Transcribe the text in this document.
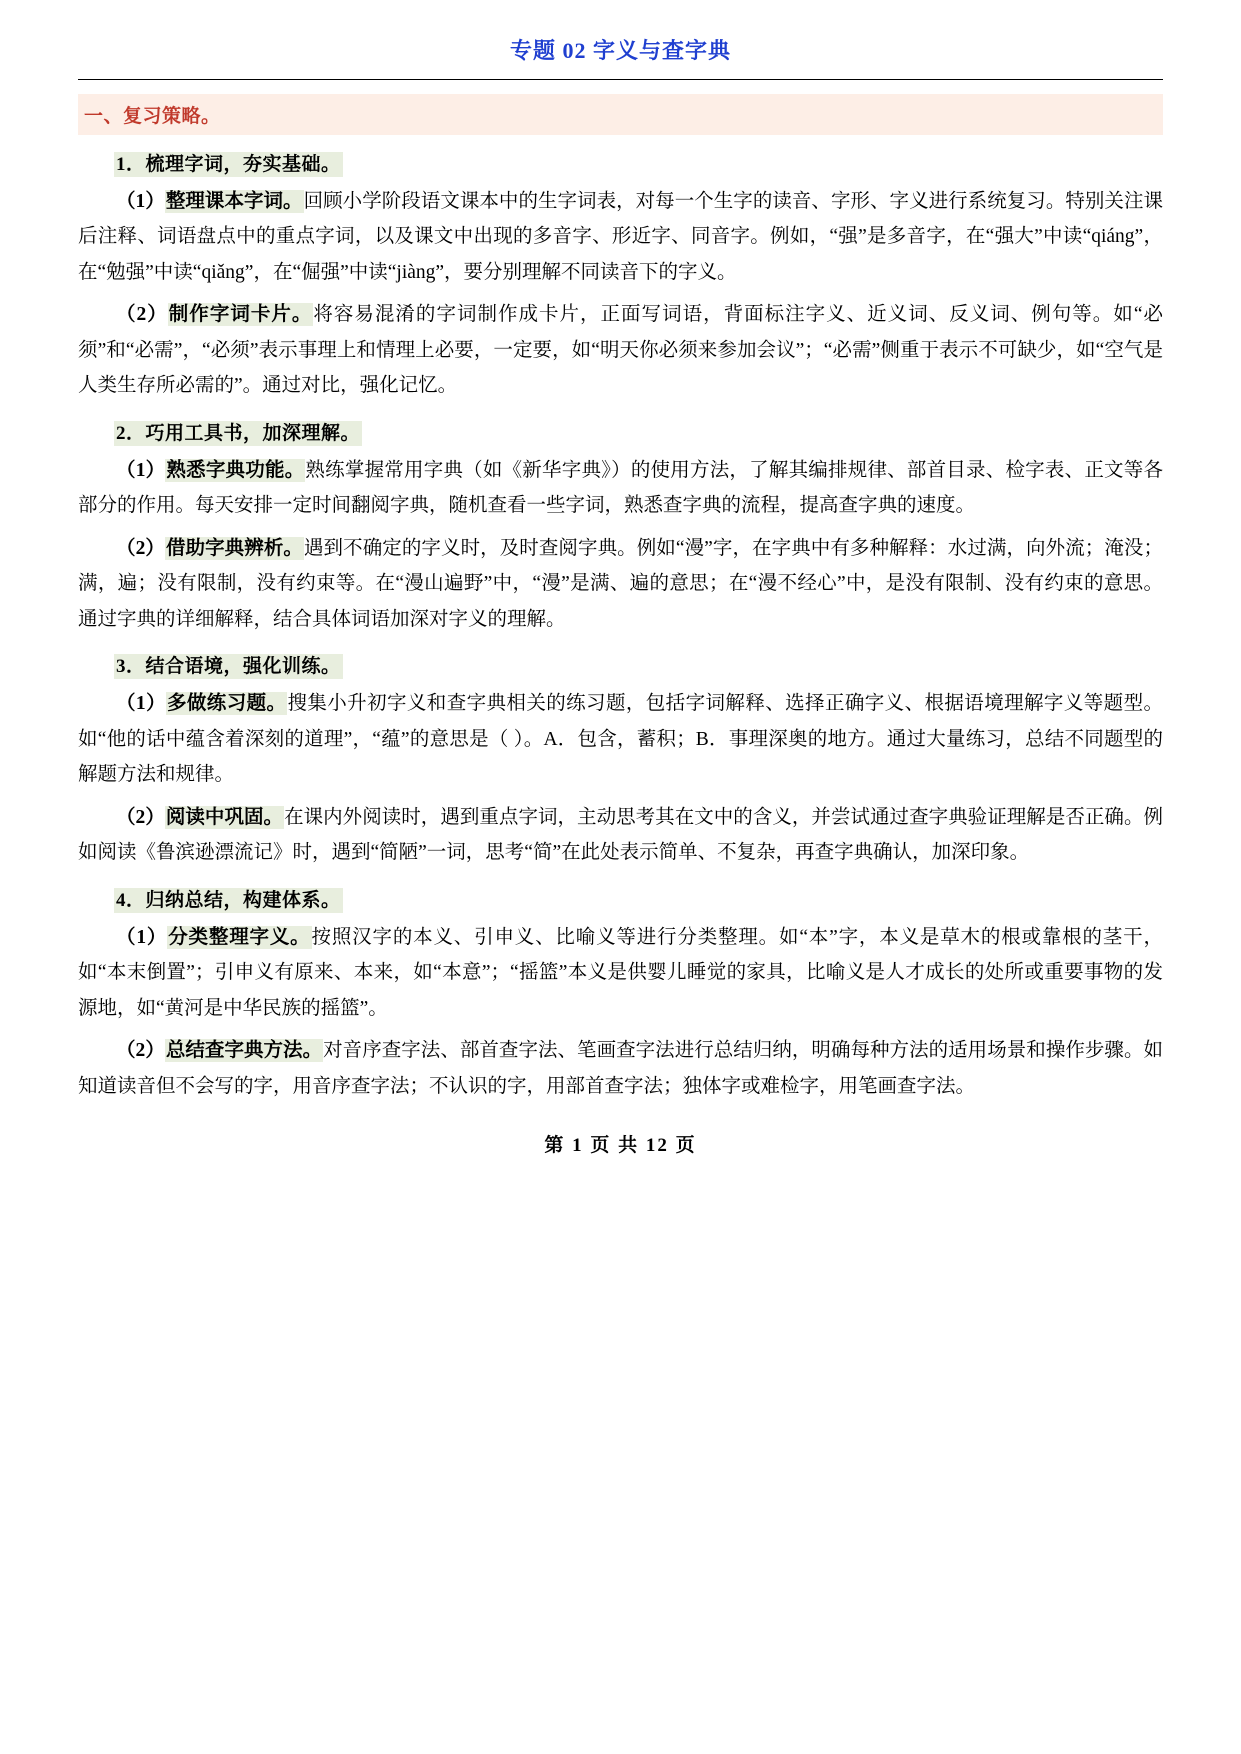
专题 02 字义与查字典
一、复习策略。
1．梳理字词，夯实基础。

（1）整理课本字词。回顾小学阶段语文课本中的生字词表，对每一个生字的读音、字形、字义进行系统复习。特别关注课后注释、词语盘点中的重点字词，以及课文中出现的多音字、形近字、同音字。例如，“强”是多音字，在“强大”中读“qiáng”，在“勉强”中读“qiǎng”，在“倔强”中读“jiàng”，要分别理解不同读音下的字义。

（2）制作字词卡片。将容易混淆的字词制作成卡片，正面写词语，背面标注字义、近义词、反义词、例句等。如“必须”和“必需”，“必须”表示事理上和情理上必要，一定要，如“明天你必须来参加会议”；“必需”侧重于表示不可缺少，如“空气是人类生存所必需的”。通过对比，强化记忆。

2．巧用工具书，加深理解。

（1）熟悉字典功能。熟练掌握常用字典（如《新华字典》）的使用方法，了解其编排规律、部首目录、检字表、正文等各部分的作用。每天安排一定时间翻阅字典，随机查看一些字词，熟悉查字典的流程，提高查字典的速度。

（2）借助字典辨析。遇到不确定的字义时，及时查阅字典。例如“漫”字，在字典中有多种解释：水过满，向外流；淹没；满，遍；没有限制，没有约束等。在“漫山遍野”中，“漫”是满、遍的意思；在“漫不经心”中，是没有限制、没有约束的意思。通过字典的详细解释，结合具体词语加深对字义的理解。

3．结合语境，强化训练。

（1）多做练习题。搜集小升初字义和查字典相关的练习题，包括字词解释、选择正确字义、根据语境理解字义等题型。如“他的话中蕴含着深刻的道理”，“蕴”的意思是（ ）。A．包含，蓄积；B．事理深奥的地方。通过大量练习，总结不同题型的解题方法和规律。

（2）阅读中巩固。在课内外阅读时，遇到重点字词，主动思考其在文中的含义，并尝试通过查字典验证理解是否正确。例如阅读《鲁滨逊漂流记》时，遇到“简陋”一词，思考“简”在此处表示简单、不复杂，再查字典确认，加深印象。

4．归纳总结，构建体系。

（1）分类整理字义。按照汉字的本义、引申义、比喻义等进行分类整理。如“本”字，本义是草木的根或靠根的茎干，如“本末倒置”；引申义有原来、本来，如“本意”；“摇篮”本义是供婴儿睡觉的家具，比喻义是人才成长的处所或重要事物的发源地，如“黄河是中华民族的摇篮”。

（2）总结查字典方法。对音序查字法、部首查字法、笔画查字法进行总结归纳，明确每种方法的适用场景和操作步骤。如知道读音但不会写的字，用音序查字法；不认识的字，用部首查字法；独体字或难检字，用笔画查字法。

第 1 页 共 12 页
